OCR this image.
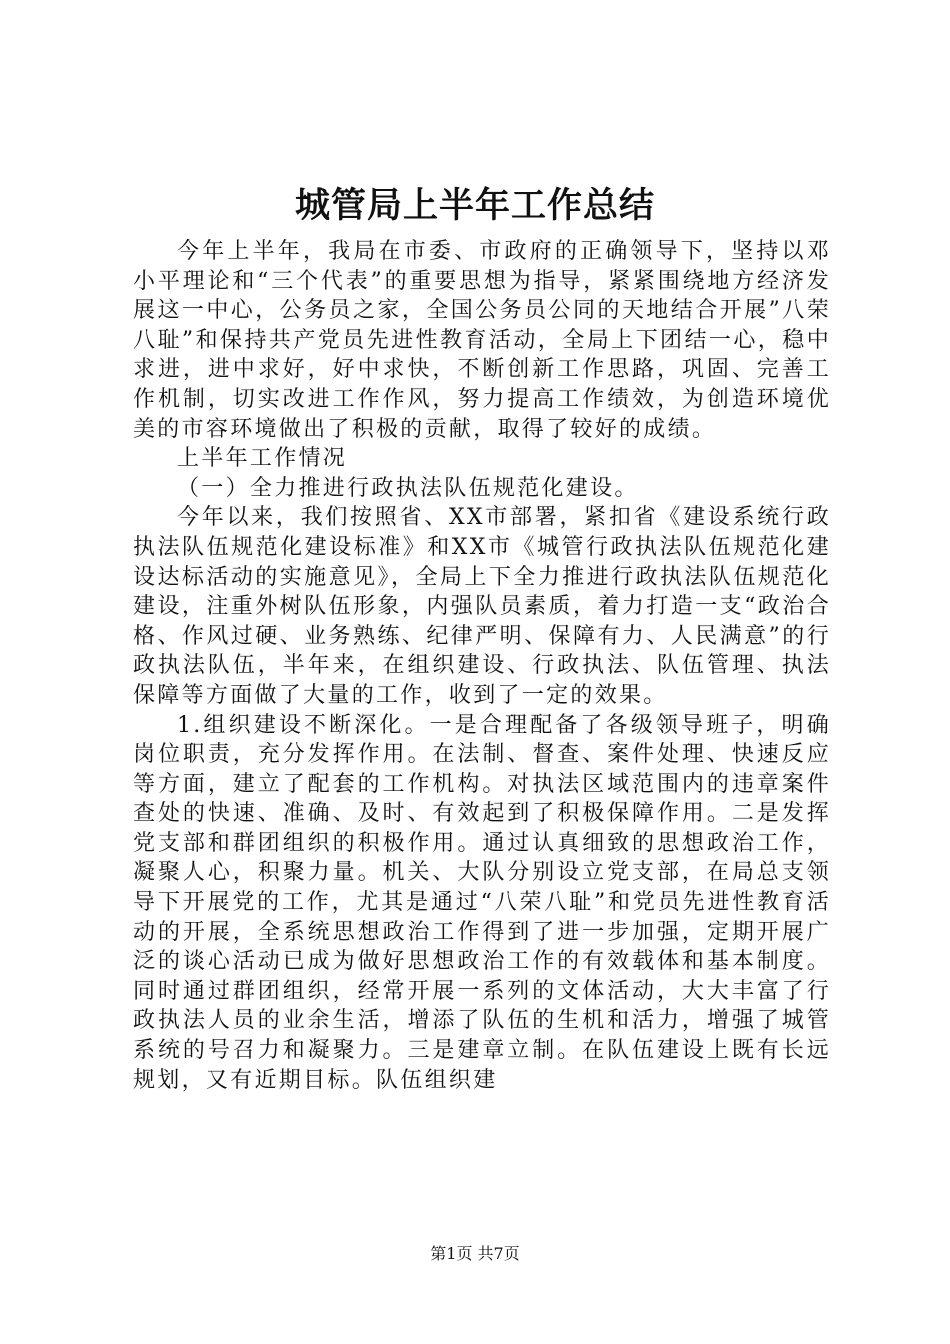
城管局上半年工作总结

今年上半年，我局在市委、市政府的正确领导下，坚持以邓小平理论和“三个代表”的重要思想为指导，紧紧围绕地方经济发展这一中心，公务员之家，全国公务员公同的天地结合开展”八荣八耻”和保持共产党员先进性教育活动，全局上下团结一心，稳中求进，进中求好，好中求快，不断创新工作思路，巩固、完善工作机制，切实改进工作作风，努力提高工作绩效，为创造环境优美的市容环境做出了积极的贡献，取得了较好的成绩。

上半年工作情况

（一）全力推进行政执法队伍规范化建设。

今年以来，我们按照省、XX市部署，紧扣省《建设系统行政执法队伍规范化建设标准》和XX市《城管行政执法队伍规范化建设达标活动的实施意见》，全局上下全力推进行政执法队伍规范化建设，注重外树队伍形象，内强队员素质，着力打造一支“政治合格、作风过硬、业务熟练、纪律严明、保障有力、人民满意”的行政执法队伍，半年来，在组织建设、行政执法、队伍管理、执法保障等方面做了大量的工作，收到了一定的效果。

1.组织建设不断深化。一是合理配备了各级领导班子，明确岗位职责，充分发挥作用。在法制、督查、案件处理、快速反应等方面，建立了配套的工作机构。对执法区域范围内的违章案件查处的快速、准确、及时、有效起到了积极保障作用。二是发挥党支部和群团组织的积极作用。通过认真细致的思想政治工作，凝聚人心，积聚力量。机关、大队分别设立党支部，在局总支领导下开展党的工作，尤其是通过“八荣八耻”和党员先进性教育活动的开展，全系统思想政治工作得到了进一步加强，定期开展广泛的谈心活动已成为做好思想政治工作的有效载体和基本制度。同时通过群团组织，经常开展一系列的文体活动，大大丰富了行政执法人员的业余生活，增添了队伍的生机和活力，增强了城管系统的号召力和凝聚力。三是建章立制。在队伍建设上既有长远规划，又有近期目标。队伍组织建

第1页 共7页
